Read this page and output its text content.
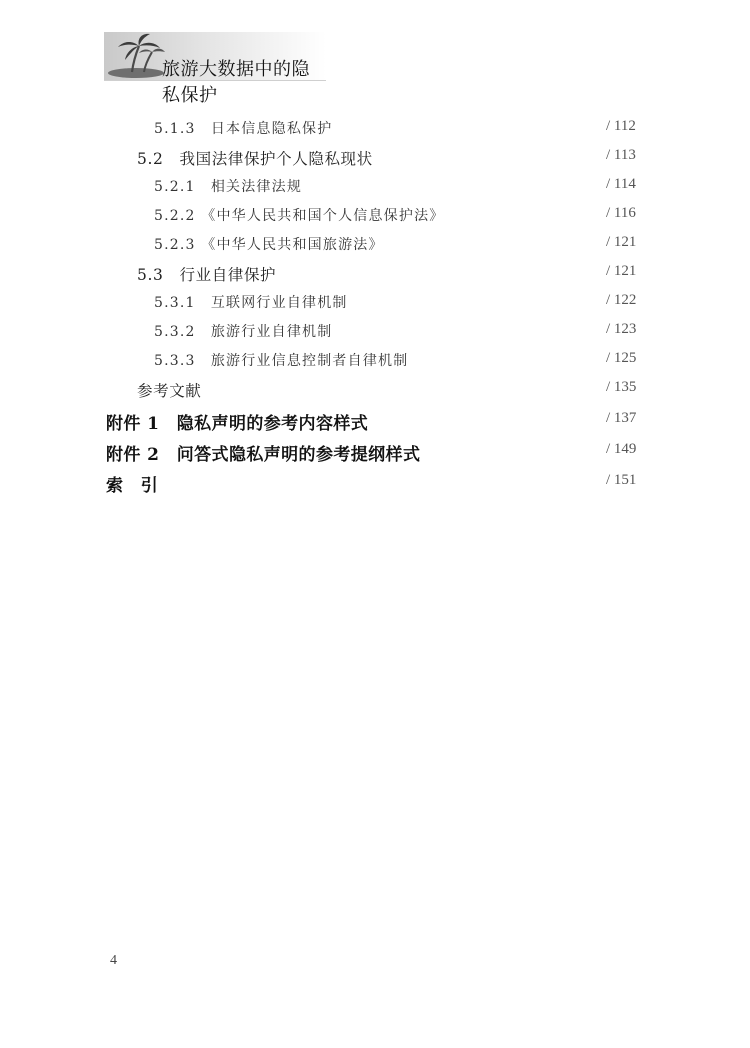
旅游大数据中的隐私保护
5.1.3　日本信息隐私保护	/ 112
5.2　我国法律保护个人隐私现状	/ 113
5.2.1　相关法律法规	/ 114
5.2.2 《中华人民共和国个人信息保护法》	/ 116
5.2.3 《中华人民共和国旅游法》	/ 121
5.3　行业自律保护	/ 121
5.3.1　互联网行业自律机制	/ 122
5.3.2　旅游行业自律机制	/ 123
5.3.3　旅游行业信息控制者自律机制	/ 125
参考文献	/ 135
附件 1　隐私声明的参考内容样式	/ 137
附件 2　问答式隐私声明的参考提纲样式	/ 149
索　引	/ 151
4
